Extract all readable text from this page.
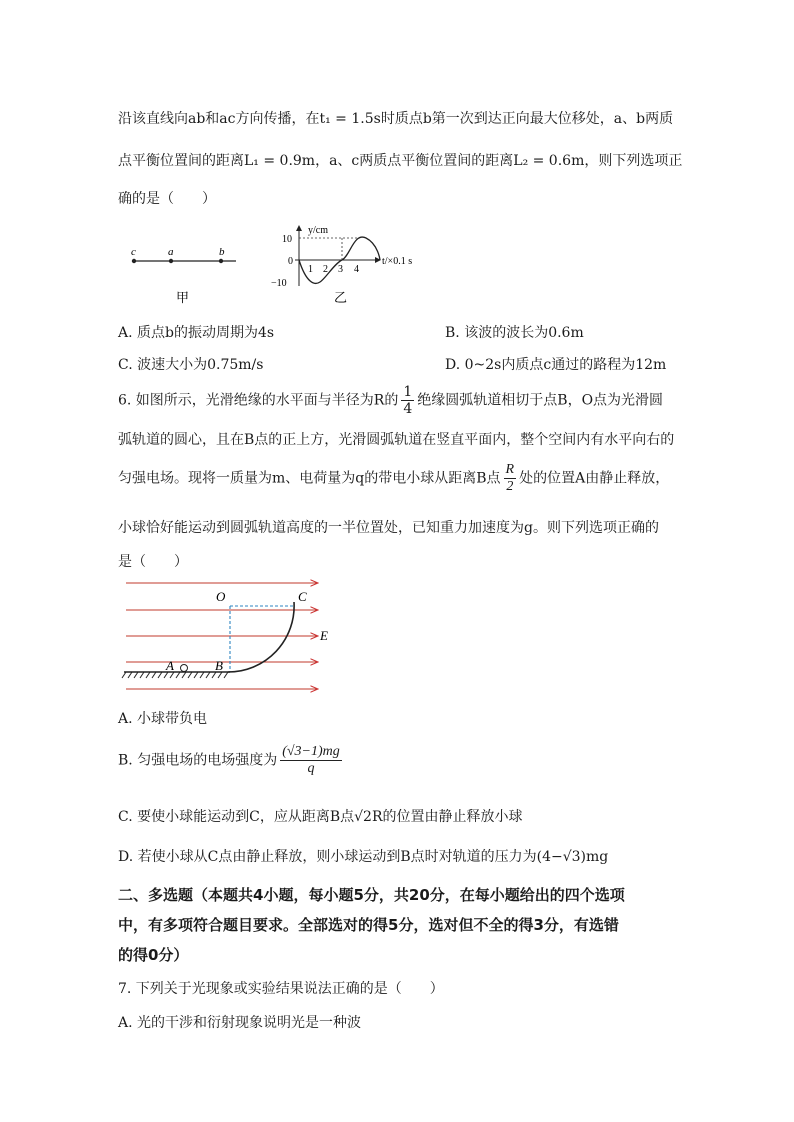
沿该直线向ab和ac方向传播，在t₁ = 1.5s时质点b第一次到达正向最大位移处，a、b两质
点平衡位置间的距离L₁ = 0.9m，a、c两质点平衡位置间的距离L₂ = 0.6m，则下列选项正
确的是（　　）
c	a	b
甲
y/cm
t/×0.1 s
10
0
−10
1 2 3 4
乙
A. 质点b的振动周期为4s	B. 该波的波长为0.6m
C. 波速大小为0.75m/s	D. 0~2s内质点c通过的路程为12m
6. 如图所示，光滑绝缘的水平面与半径为R的 $\frac{1}{4}$ 绝缘圆弧轨道相切于点B，O点为光滑圆
弧轨道的圆心，且在B点的正上方，光滑圆弧轨道在竖直平面内，整个空间内有水平向右的
匀强电场。现将一质量为m、电荷量为q的带电小球从距离B点 $\frac{R}{2}$ 处的位置A由静止释放，
小球恰好能运动到圆弧轨道高度的一半位置处，已知重力加速度为g。则下列选项正确的
是（　　）
O	C
E
A	B
A. 小球带负电
B. 匀强电场的电场强度为 $\frac{(√3-1)mg}{q}$
C. 要使小球能运动到C，应从距离B点√2R的位置由静止释放小球
D. 若使小球从C点由静止释放，则小球运动到B点时对轨道的压力为(4−√3)mg
二、多选题（本题共4小题，每小题5分，共20分，在每小题给出的四个选项
中，有多项符合题目要求。全部选对的得5分，选对但不全的得3分，有选错
的得0分）
7. 下列关于光现象或实验结果说法正确的是（　　）
A. 光的干涉和衍射现象说明光是一种波
